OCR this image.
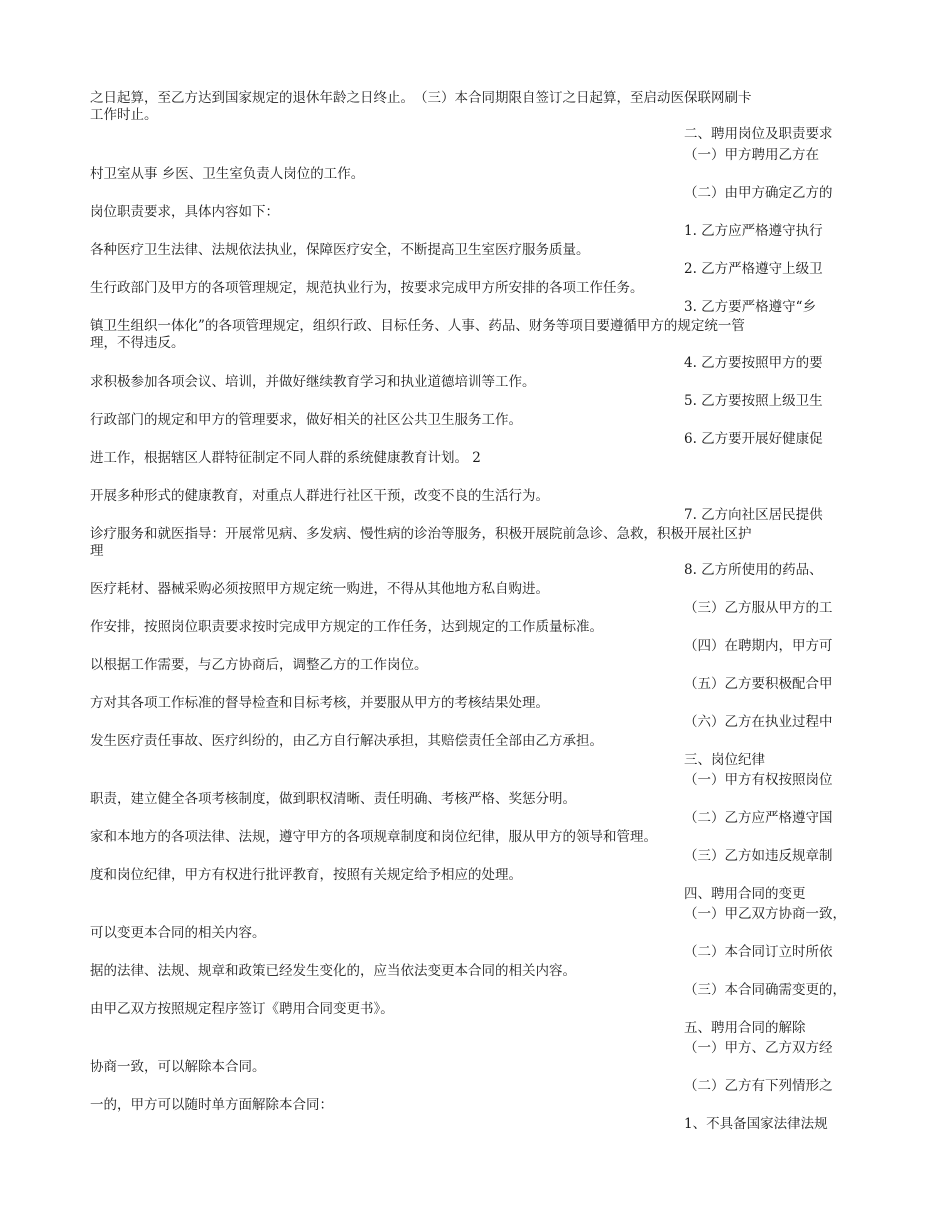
之日起算，至乙方达到国家规定的退休年龄之日终止。　（三）本合同期限自签订之日起算，至启动医保联网刷卡
工作时止。
村卫室从事 乡医、卫生室负责人岗位的工作。
岗位职责要求，具体内容如下：
各种医疗卫生法律、法规依法执业，保障医疗安全，不断提高卫生室医疗服务质量。
生行政部门及甲方的各项管理规定，规范执业行为，按要求完成甲方所安排的各项工作任务。
镇卫生组织一体化”的各项管理规定，组织行政、目标任务、人事、药品、财务等项目要遵循甲方的规定统一管
理，不得违反。
求积极参加各项会议、培训，并做好继续教育学习和执业道德培训等工作。
行政部门的规定和甲方的管理要求，做好相关的社区公共卫生服务工作。
进工作，根据辖区人群特征制定不同人群的系统健康教育计划。 2
开展多种形式的健康教育，对重点人群进行社区干预，改变不良的生活行为。
诊疗服务和就医指导：开展常见病、多发病、慢性病的诊治等服务，积极开展院前急诊、急救，积极开展社区护
理
医疗耗材、器械采购必须按照甲方规定统一购进，不得从其他地方私自购进。
作安排，按照岗位职责要求按时完成甲方规定的工作任务，达到规定的工作质量标准。
以根据工作需要，与乙方协商后，调整乙方的工作岗位。
方对其各项工作标准的督导检查和目标考核，并要服从甲方的考核结果处理。
发生医疗责任事故、医疗纠纷的，由乙方自行解决承担，其赔偿责任全部由乙方承担。
职责，建立健全各项考核制度，做到职权清晰、责任明确、考核严格、奖惩分明。
家和本地方的各项法律、法规，遵守甲方的各项规章制度和岗位纪律，服从甲方的领导和管理。
度和岗位纪律，甲方有权进行批评教育，按照有关规定给予相应的处理。
可以变更本合同的相关内容。
据的法律、法规、规章和政策已经发生变化的，应当依法变更本合同的相关内容。
由甲乙双方按照规定程序签订《聘用合同变更书》。
协商一致，可以解除本合同。
一的，甲方可以随时单方面解除本合同：
二、聘用岗位及职责要求
（一）甲方聘用乙方在
（二）由甲方确定乙方的
1. 乙方应严格遵守执行
2. 乙方严格遵守上级卫
3. 乙方要严格遵守“乡
4. 乙方要按照甲方的要
5. 乙方要按照上级卫生
6. 乙方要开展好健康促
7. 乙方向社区居民提供
8. 乙方所使用的药品、
（三）乙方服从甲方的工
（四）在聘期内，甲方可
（五）乙方要积极配合甲
（六）乙方在执业过程中
三、岗位纪律
（一）甲方有权按照岗位
（二）乙方应严格遵守国
（三）乙方如违反规章制
四、聘用合同的变更
（一）甲乙双方协商一致，
（二）本合同订立时所依
（三）本合同确需变更的，
五、聘用合同的解除
（一）甲方、乙方双方经
（二）乙方有下列情形之
1、不具备国家法律法规
